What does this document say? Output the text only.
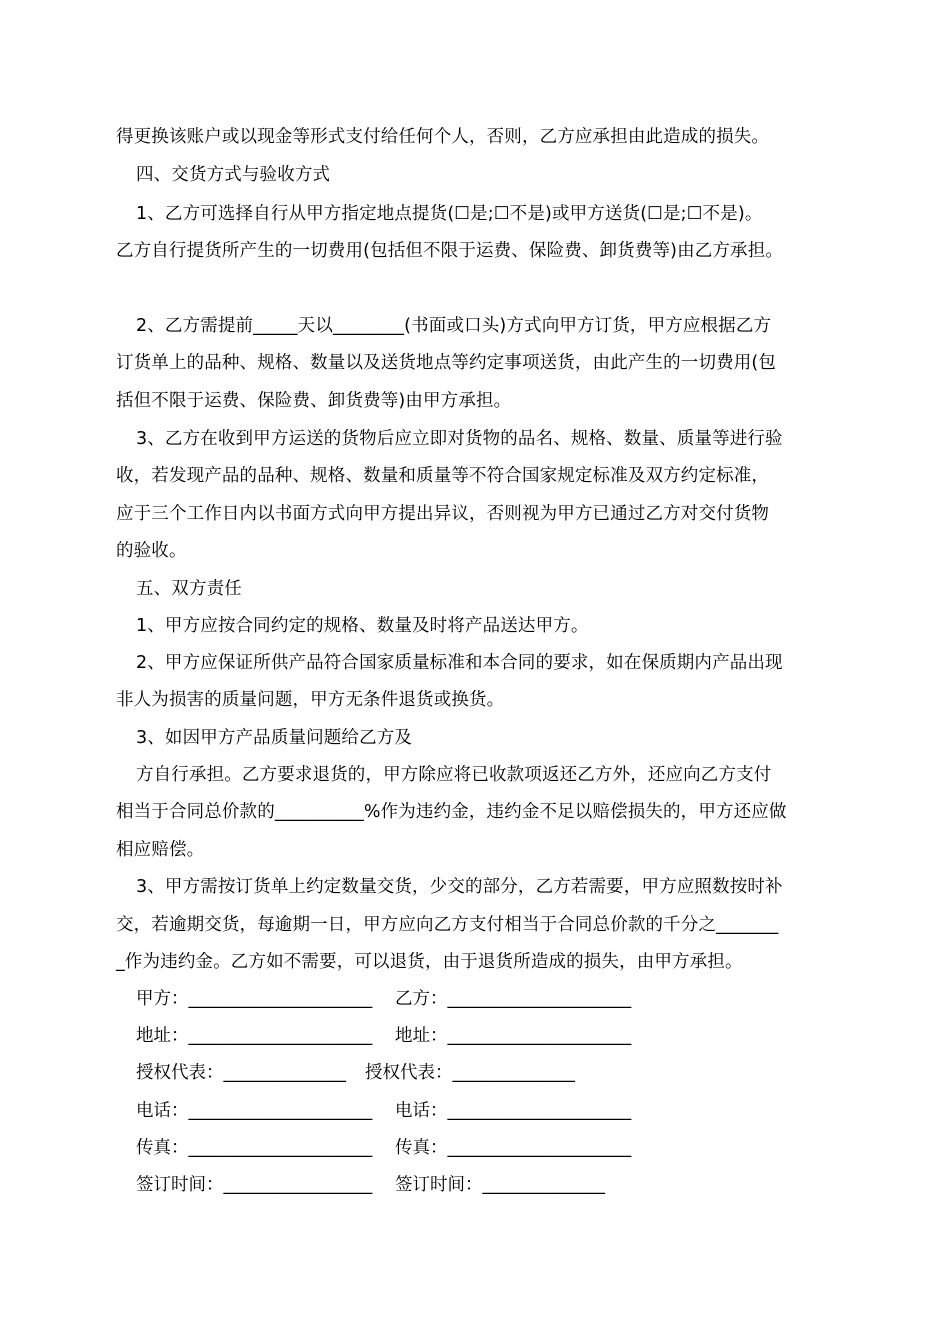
得更换该账户或以现金等形式支付给任何个人，否则，乙方应承担由此造成的损失。
四、交货方式与验收方式
1、乙方可选择自行从甲方指定地点提货(☐是;☐不是)或甲方送货(☐是;☐不是)。
乙方自行提货所产生的一切费用(包括但不限于运费、保险费、卸货费等)由乙方承担。
2、乙方需提前_____天以________(书面或口头)方式向甲方订货，甲方应根据乙方
订货单上的品种、规格、数量以及送货地点等约定事项送货，由此产生的一切费用(包
括但不限于运费、保险费、卸货费等)由甲方承担。
3、乙方在收到甲方运送的货物后应立即对货物的品名、规格、数量、质量等进行验
收，若发现产品的品种、规格、数量和质量等不符合国家规定标准及双方约定标准，
应于三个工作日内以书面方式向甲方提出异议，否则视为甲方已通过乙方对交付货物
的验收。
五、双方责任
1、甲方应按合同约定的规格、数量及时将产品送达甲方。
2、甲方应保证所供产品符合国家质量标准和本合同的要求，如在保质期内产品出现
非人为损害的质量问题，甲方无条件退货或换货。
3、如因甲方产品质量问题给乙方及
方自行承担。乙方要求退货的，甲方除应将已收款项返还乙方外，还应向乙方支付
相当于合同总价款的__________%作为违约金，违约金不足以赔偿损失的，甲方还应做
相应赔偿。
3、甲方需按订货单上约定数量交货，少交的部分，乙方若需要，甲方应照数按时补
交，若逾期交货，每逾期一日，甲方应向乙方支付相当于合同总价款的千分之_______
_作为违约金。乙方如不需要，可以退货，由于退货所造成的损失，由甲方承担。
甲方：_____________________ 乙方：_____________________
地址：_____________________ 地址：_____________________
授权代表：______________ 授权代表：______________
电话：_____________________ 电话：_____________________
传真：_____________________ 传真：_____________________
签订时间：_________________ 签订时间：______________
